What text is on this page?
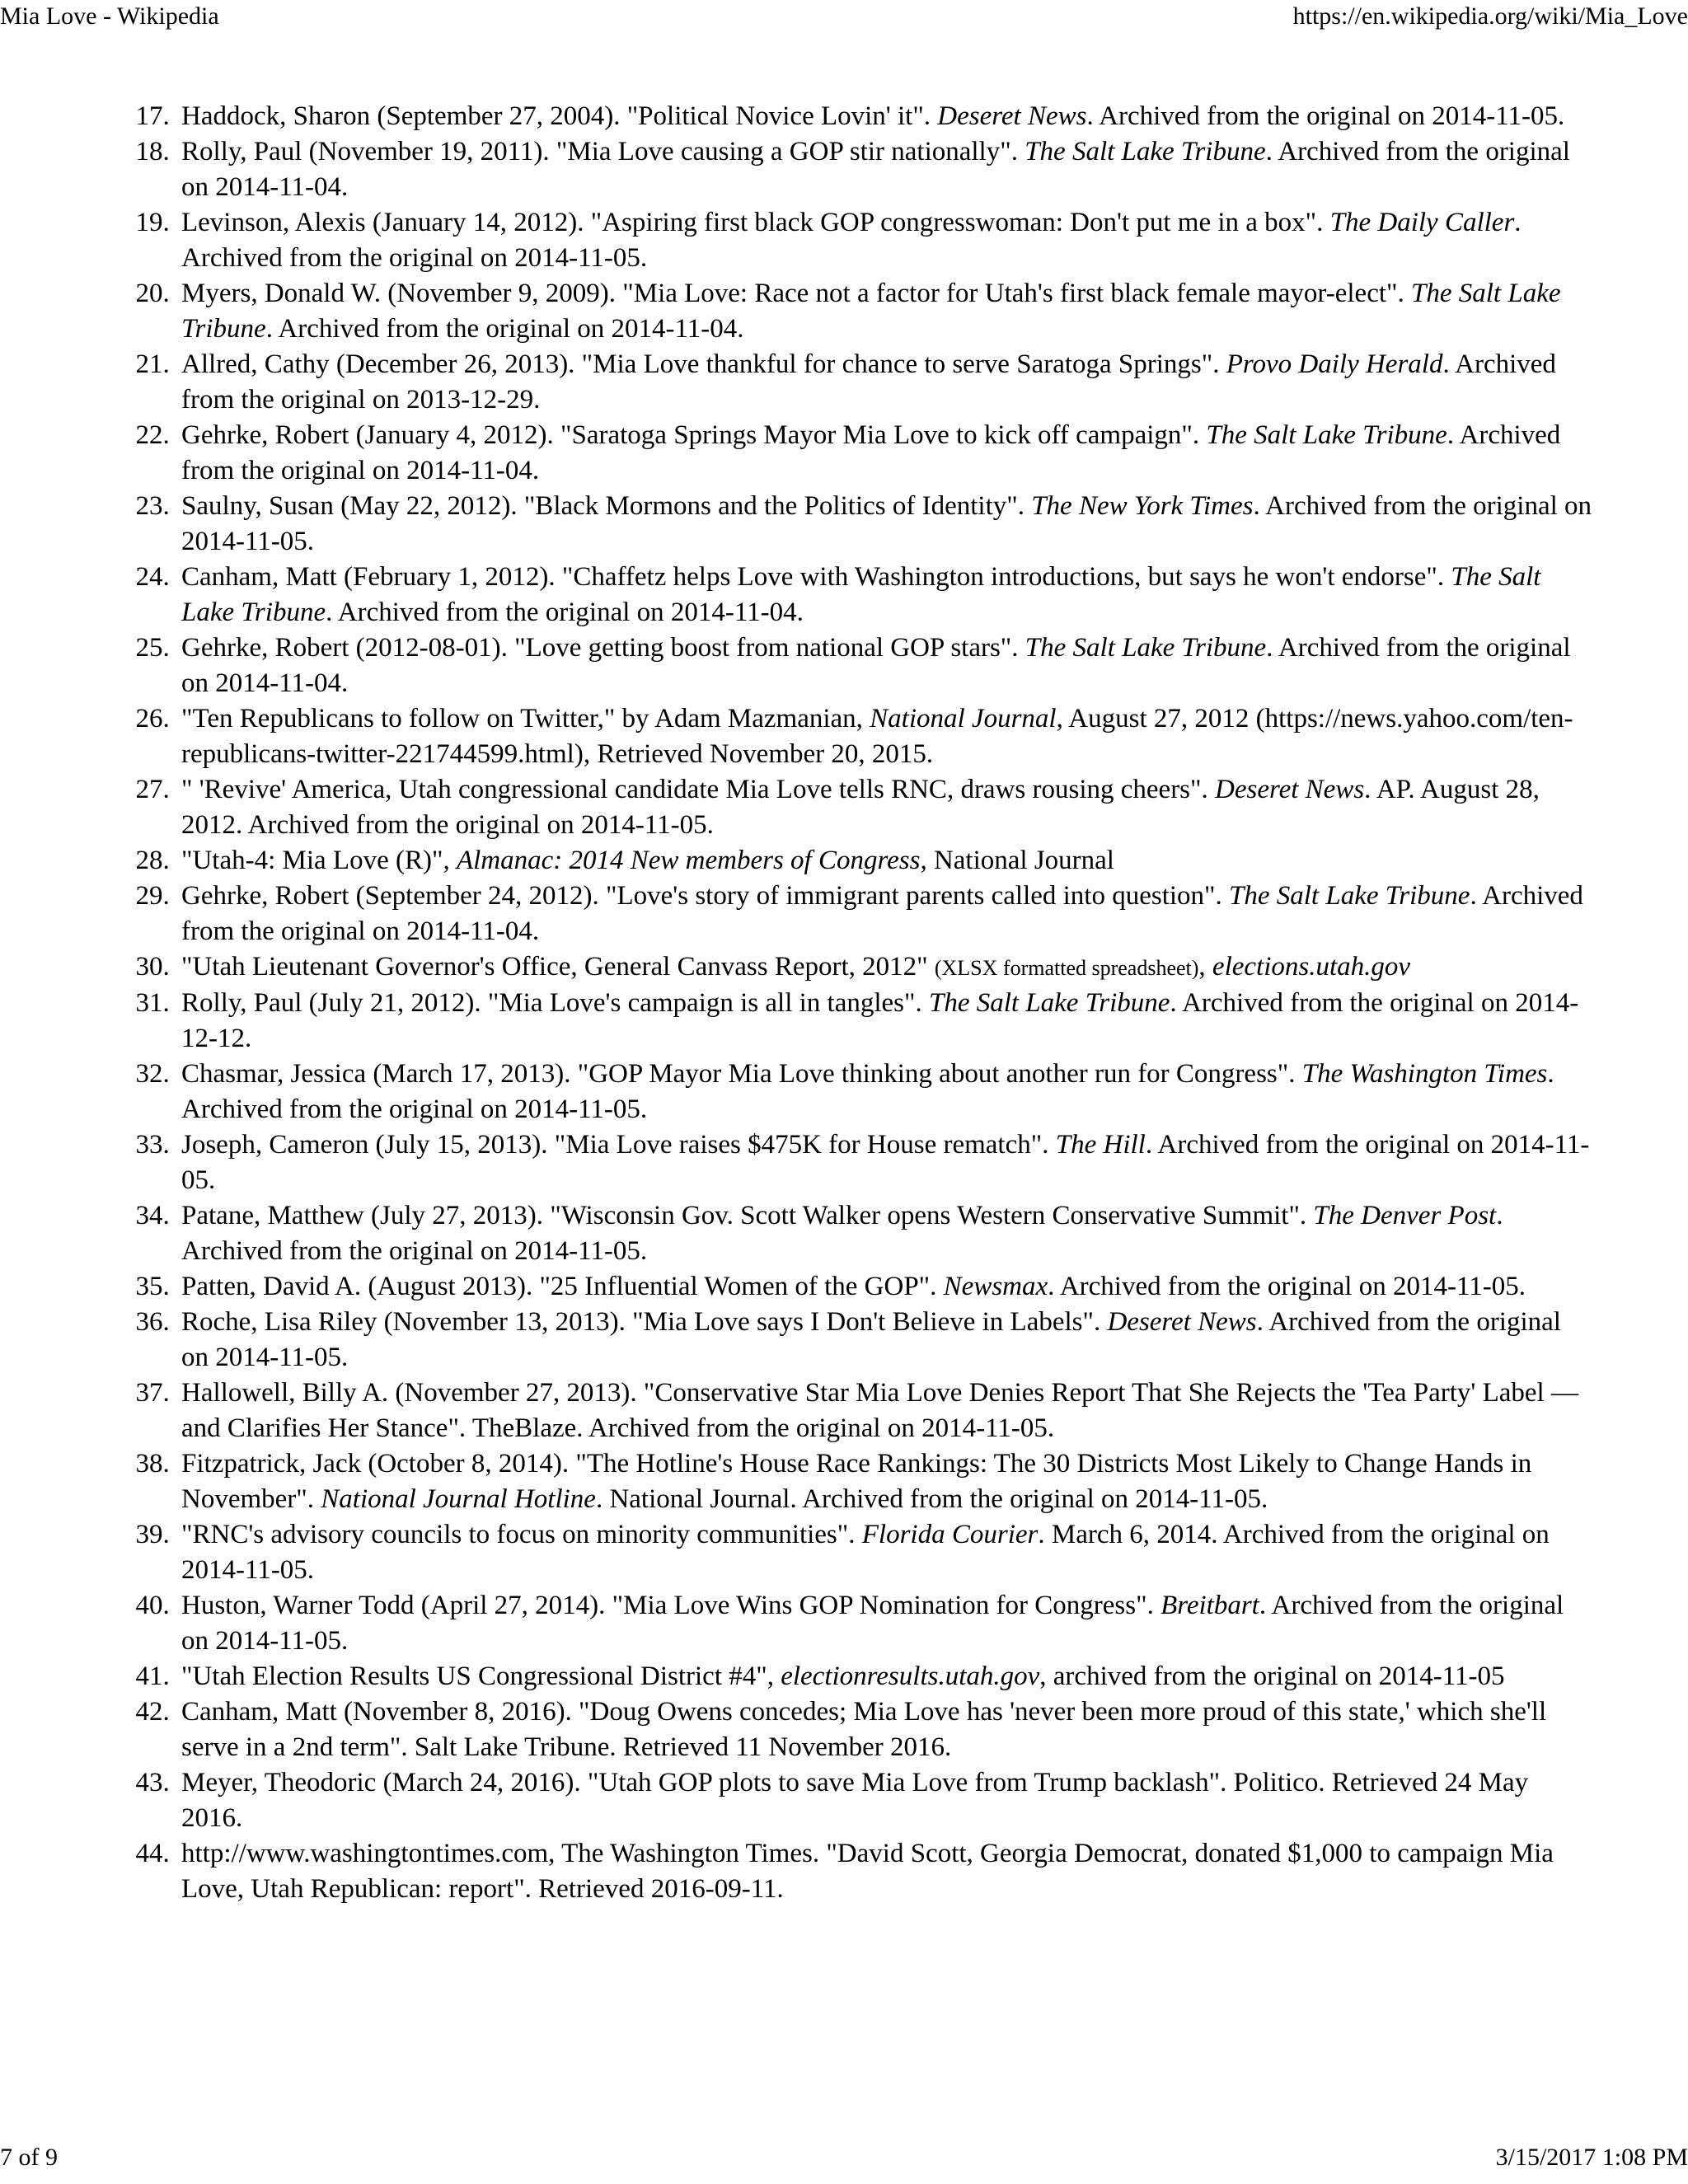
Mia Love - Wikipedia	https://en.wikipedia.org/wiki/Mia_Love
17 . Haddock, Sharon (September 27, 2004). "Political Novice Lovin' it". Deseret News. Archived from the original on 2014-11-05.
18 . Rolly, Paul (November 19, 2011). "Mia Love causing a GOP stir nationally". The Salt Lake Tribune. Archived from the original on 2014-11-04.
19 . Levinson, Alexis (January 14, 2012). "Aspiring first black GOP congresswoman: Don't put me in a box". The Daily Caller. Archived from the original on 2014-11-05.
20 . Myers, Donald W. (November 9, 2009). "Mia Love: Race not a factor for Utah's first black female mayor-elect". The Salt Lake Tribune. Archived from the original on 2014-11-04.
21 . Allred, Cathy (December 26, 2013). "Mia Love thankful for chance to serve Saratoga Springs". Provo Daily Herald. Archived from the original on 2013-12-29.
22 . Gehrke, Robert (January 4, 2012). "Saratoga Springs Mayor Mia Love to kick off campaign". The Salt Lake Tribune. Archived from the original on 2014-11-04.
23 . Saulny, Susan (May 22, 2012). "Black Mormons and the Politics of Identity". The New York Times. Archived from the original on 2014-11-05.
24 . Canham, Matt (February 1, 2012). "Chaffetz helps Love with Washington introductions, but says he won't endorse". The Salt Lake Tribune. Archived from the original on 2014-11-04.
25 . Gehrke, Robert (2012-08-01). "Love getting boost from national GOP stars". The Salt Lake Tribune. Archived from the original on 2014-11-04.
26 . "Ten Republicans to follow on Twitter," by Adam Mazmanian, National Journal, August 27, 2012 (https://news.yahoo.com/ten-republicans-twitter-221744599.html), Retrieved November 20, 2015.
27 . " 'Revive' America, Utah congressional candidate Mia Love tells RNC, draws rousing cheers". Deseret News. AP. August 28, 2012. Archived from the original on 2014-11-05.
28 . "Utah-4: Mia Love (R)", Almanac: 2014 New members of Congress, National Journal
29 . Gehrke, Robert (September 24, 2012). "Love's story of immigrant parents called into question". The Salt Lake Tribune. Archived from the original on 2014-11-04.
30 . "Utah Lieutenant Governor's Office, General Canvass Report, 2012" (XLSX formatted spreadsheet), elections.utah.gov
31 . Rolly, Paul (July 21, 2012). "Mia Love's campaign is all in tangles". The Salt Lake Tribune. Archived from the original on 2014-12-12.
32 . Chasmar, Jessica (March 17, 2013). "GOP Mayor Mia Love thinking about another run for Congress". The Washington Times. Archived from the original on 2014-11-05.
33 . Joseph, Cameron (July 15, 2013). "Mia Love raises $475K for House rematch". The Hill. Archived from the original on 2014-11-05.
34 . Patane, Matthew (July 27, 2013). "Wisconsin Gov. Scott Walker opens Western Conservative Summit". The Denver Post. Archived from the original on 2014-11-05.
35 . Patten, David A. (August 2013). "25 Influential Women of the GOP". Newsmax. Archived from the original on 2014-11-05.
36 . Roche, Lisa Riley (November 13, 2013). "Mia Love says I Don't Believe in Labels". Deseret News. Archived from the original on 2014-11-05.
37 . Hallowell, Billy A. (November 27, 2013). "Conservative Star Mia Love Denies Report That She Rejects the 'Tea Party' Label — and Clarifies Her Stance". TheBlaze. Archived from the original on 2014-11-05.
38 . Fitzpatrick, Jack (October 8, 2014). "The Hotline's House Race Rankings: The 30 Districts Most Likely to Change Hands in November". National Journal Hotline. National Journal. Archived from the original on 2014-11-05.
39 . "RNC's advisory councils to focus on minority communities". Florida Courier. March 6, 2014. Archived from the original on 2014-11-05.
40 . Huston, Warner Todd (April 27, 2014). "Mia Love Wins GOP Nomination for Congress". Breitbart. Archived from the original on 2014-11-05.
41 . "Utah Election Results US Congressional District #4", electionresults.utah.gov, archived from the original on 2014-11-05
42 . Canham, Matt (November 8, 2016). "Doug Owens concedes; Mia Love has 'never been more proud of this state,' which she'll serve in a 2nd term". Salt Lake Tribune. Retrieved 11 November 2016.
43 . Meyer, Theodoric (March 24, 2016). "Utah GOP plots to save Mia Love from Trump backlash". Politico. Retrieved 24 May 2016.
44 . http://www.washingtontimes.com, The Washington Times. "David Scott, Georgia Democrat, donated $1,000 to campaign Mia Love, Utah Republican: report". Retrieved 2016-09-11.
7 of 9	3/15/2017 1:08 PM
